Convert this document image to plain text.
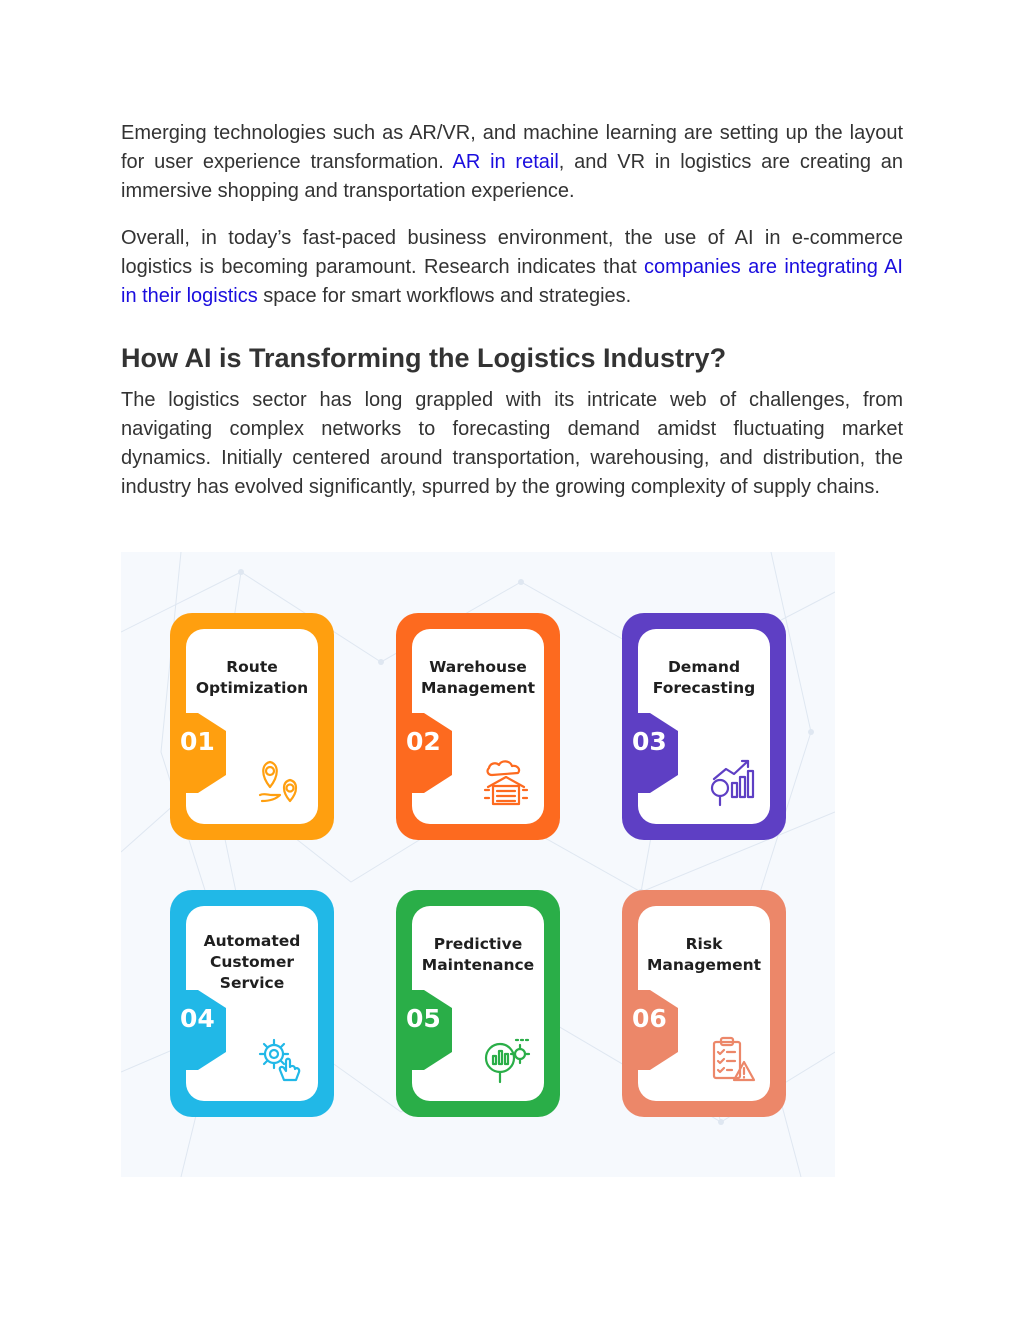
Emerging technologies such as AR/VR, and machine learning are setting up the layout for user experience transformation. AR in retail, and VR in logistics are creating an immersive shopping and transportation experience.

Overall, in today’s fast-paced business environment, the use of AI in e-commerce logistics is becoming paramount. Research indicates that companies are integrating AI in their logistics space for smart workflows and strategies.

How AI is Transforming the Logistics Industry?

The logistics sector has long grappled with its intricate web of challenges, from navigating complex networks to forecasting demand amidst fluctuating market dynamics. Initially centered around transportation, warehousing, and distribution, the industry has evolved significantly, spurred by the growing complexity of supply chains.

Route
Optimization
01
Warehouse
Management
02
Demand
Forecasting
03
Automated
Customer
Service
04
Predictive
Maintenance
05
Risk
Management
06
